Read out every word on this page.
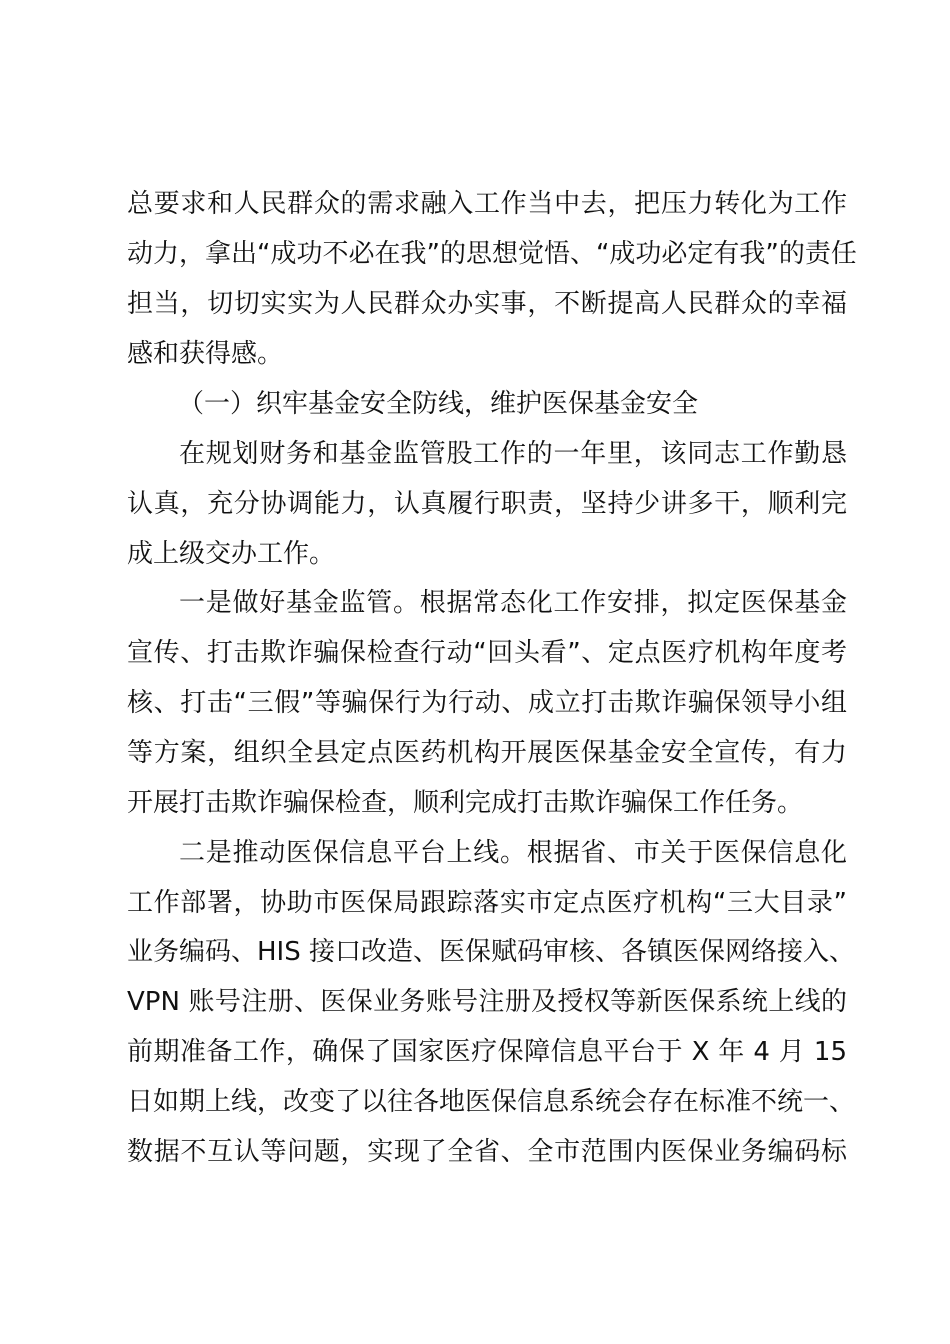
总要求和人民群众的需求融入工作当中去，把压力转化为工作
动力，拿出“成功不必在我”的思想觉悟、“成功必定有我”的责任
担当，切切实实为人民群众办实事，不断提高人民群众的幸福
感和获得感。
（一）织牢基金安全防线，维护医保基金安全
在规划财务和基金监管股工作的一年里，该同志工作勤恳
认真，充分协调能力，认真履行职责，坚持少讲多干，顺利完
成上级交办工作。
一是做好基金监管。根据常态化工作安排，拟定医保基金
宣传、打击欺诈骗保检查行动“回头看”、定点医疗机构年度考
核、打击“三假”等骗保行为行动、成立打击欺诈骗保领导小组
等方案，组织全县定点医药机构开展医保基金安全宣传，有力
开展打击欺诈骗保检查，顺利完成打击欺诈骗保工作任务。
二是推动医保信息平台上线。根据省、市关于医保信息化
工作部署，协助市医保局跟踪落实市定点医疗机构“三大目录”
业务编码、HIS 接口改造、医保赋码审核、各镇医保网络接入、
VPN 账号注册、医保业务账号注册及授权等新医保系统上线的
前期准备工作，确保了国家医疗保障信息平台于 X 年 4 月 15
日如期上线，改变了以往各地医保信息系统会存在标准不统一、
数据不互认等问题，实现了全省、全市范围内医保业务编码标
